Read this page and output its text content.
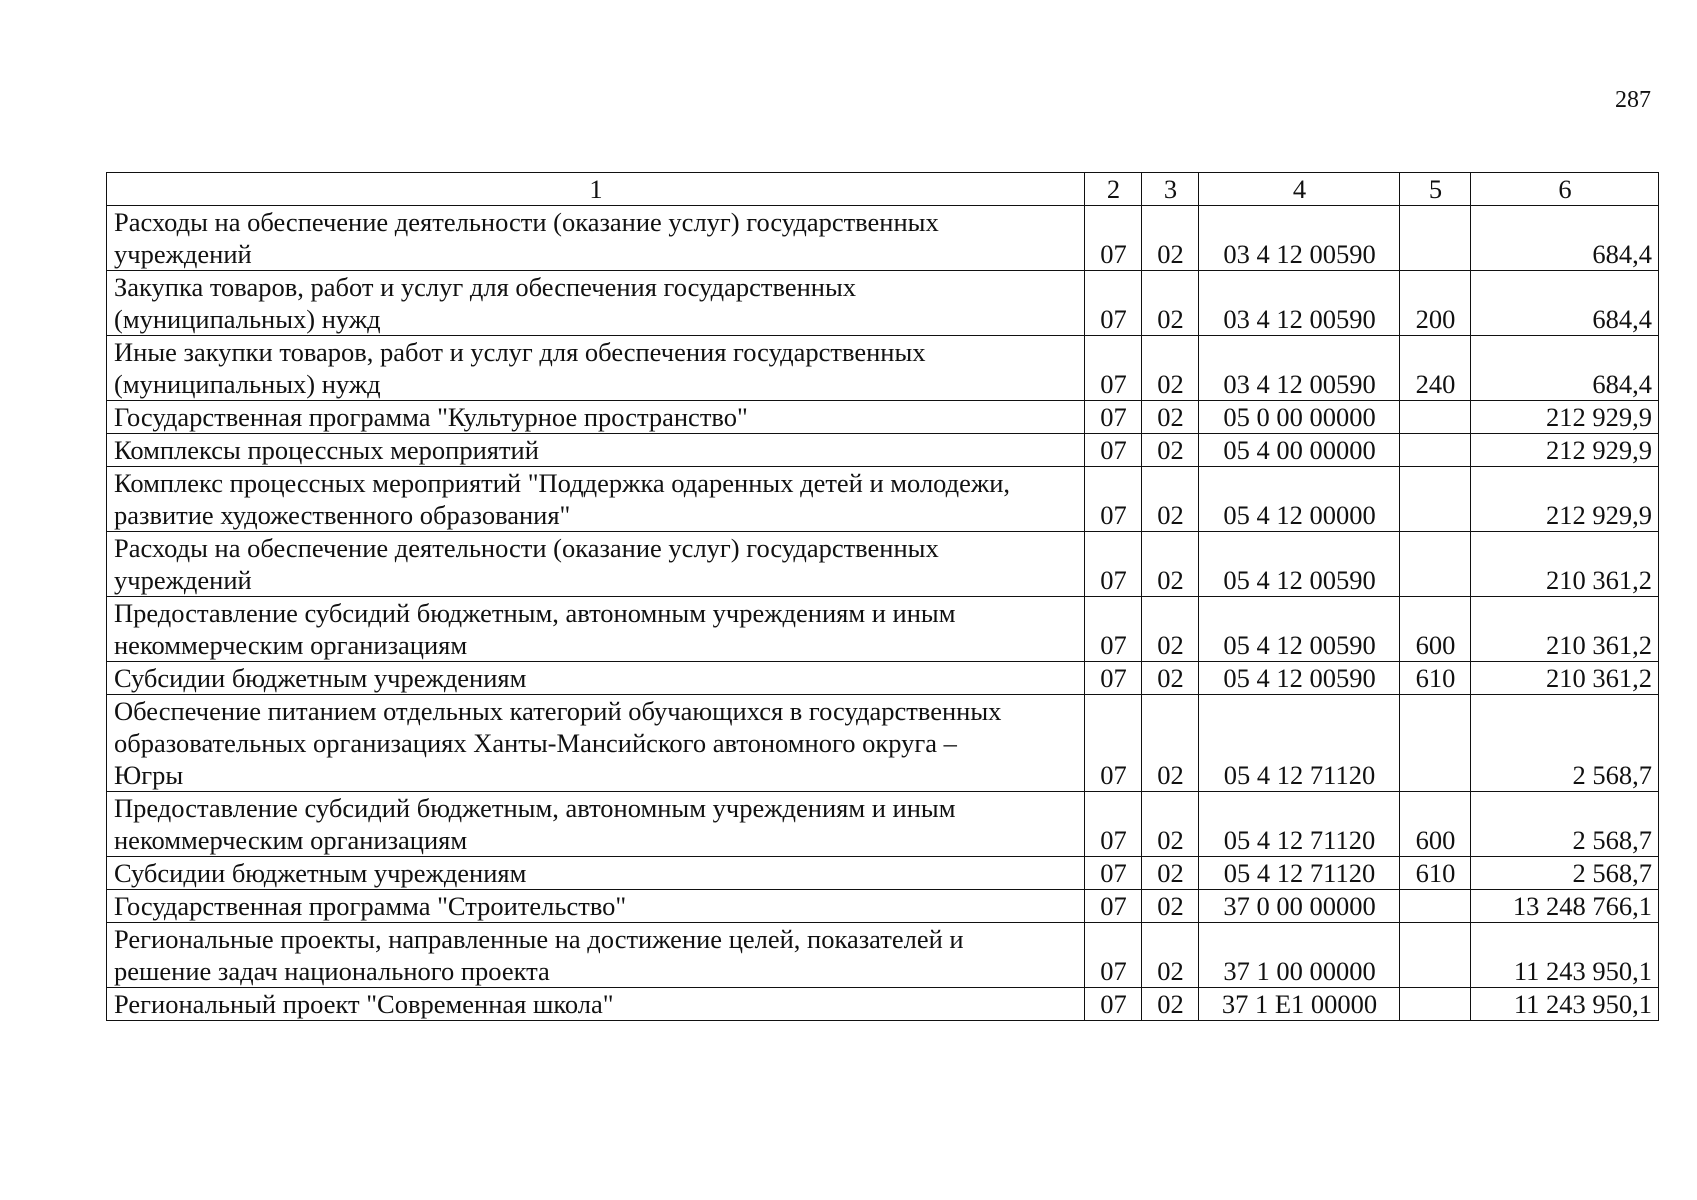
287
1	2	3	4	5	6

Расходы на обеспечение деятельности (оказание услуг) государственных
учреждений	07	02	03 4 12 00590		684,4

Закупка товаров, работ и услуг для обеспечения государственных
(муниципальных) нужд	07	02	03 4 12 00590	200	684,4

Иные закупки товаров, работ и услуг для обеспечения государственных
(муниципальных) нужд	07	02	03 4 12 00590	240	684,4

Государственная программа "Культурное пространство"	07	02	05 0 00 00000		212 929,9

Комплексы процессных мероприятий	07	02	05 4 00 00000		212 929,9

Комплекс процессных мероприятий "Поддержка одаренных детей и молодежи,
развитие художественного образования"	07	02	05 4 12 00000		212 929,9

Расходы на обеспечение деятельности (оказание услуг) государственных
учреждений	07	02	05 4 12 00590		210 361,2

Предоставление субсидий бюджетным, автономным учреждениям и иным
некоммерческим организациям	07	02	05 4 12 00590	600	210 361,2

Субсидии бюджетным учреждениям	07	02	05 4 12 00590	610	210 361,2

Обеспечение питанием отдельных категорий обучающихся в государственных
образовательных организациях Ханты-Мансийского автономного округа –
Югры	07	02	05 4 12 71120		2 568,7

Предоставление субсидий бюджетным, автономным учреждениям и иным
некоммерческим организациям	07	02	05 4 12 71120	600	2 568,7

Субсидии бюджетным учреждениям	07	02	05 4 12 71120	610	2 568,7

Государственная программа "Строительство"	07	02	37 0 00 00000		13 248 766,1

Региональные проекты, направленные на достижение целей, показателей и
решение задач национального проекта	07	02	37 1 00 00000		11 243 950,1

Региональный проект "Современная школа"	07	02	37 1 E1 00000		11 243 950,1
